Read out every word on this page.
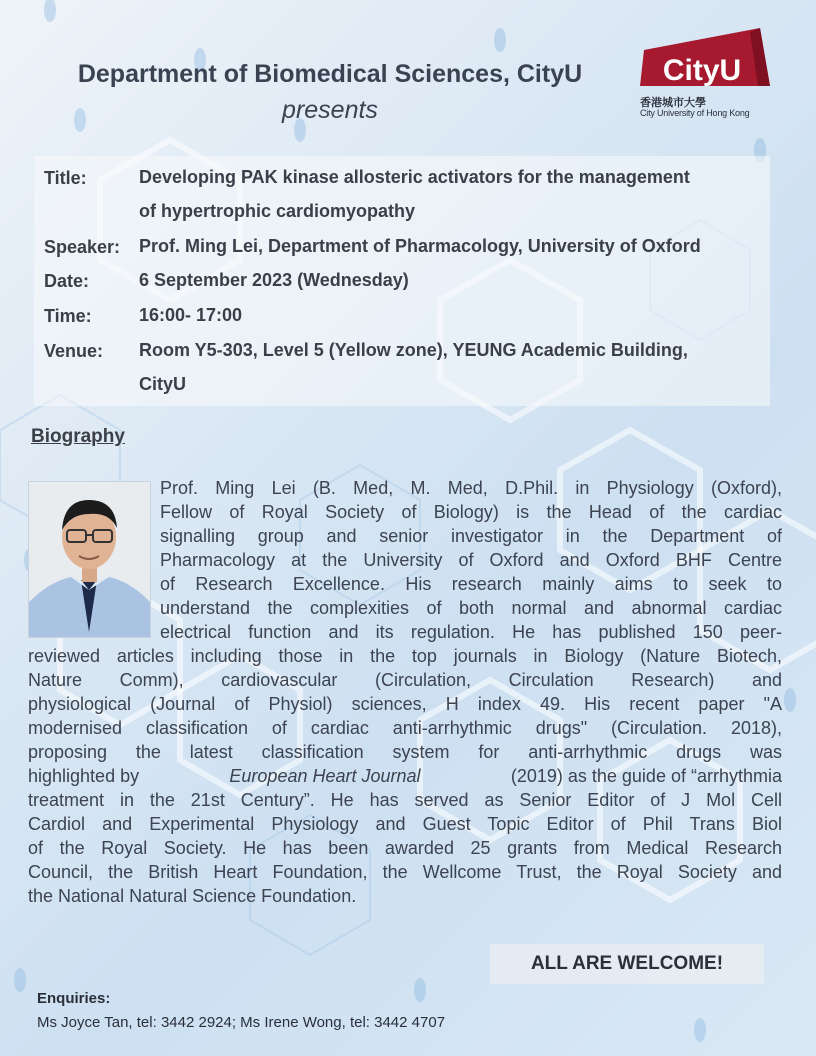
Department of Biomedical Sciences, CityU
presents
CityU
香港城市大學
City University of Hong Kong
Title:	Developing PAK kinase allosteric activators for the management
of hypertrophic cardiomyopathy
Speaker: Prof. Ming Lei, Department of Pharmacology, University of Oxford
Date:	6 September 2023 (Wednesday)
Time:	16:00- 17:00
Venue: Room Y5-303, Level 5 (Yellow zone), YEUNG Academic Building,
CityU
Biography
Prof. Ming Lei (B. Med, M. Med, D.Phil. in Physiology (Oxford),
Fellow of Royal Society of Biology) is the Head of the cardiac
signalling group and senior investigator in the Department of
Pharmacology at the University of Oxford and Oxford BHF Centre
of Research Excellence. His research mainly aims to seek to
understand the complexities of both normal and abnormal cardiac
electrical function and its regulation. He has published 150 peer-
reviewed articles including those in the top journals in Biology (Nature Biotech,
Nature Comm), cardiovascular (Circulation, Circulation Research) and
physiological (Journal of Physiol) sciences, H index 49. His recent paper "A
modernised classification of cardiac anti-arrhythmic drugs" (Circulation. 2018),
proposing the latest classification system for anti-arrhythmic drugs was
highlighted by	European Heart Journal	(2019) as the guide of “arrhythmia
treatment in the 21st Century”. He has served as Senior Editor of J Mol Cell
Cardiol and Experimental Physiology and Guest Topic Editor of Phil Trans Biol
of the Royal Society. He has been awarded 25 grants from Medical Research
Council, the British Heart Foundation, the Wellcome Trust, the Royal Society and
the National Natural Science Foundation.
ALL ARE WELCOME!
Enquiries:
Ms Joyce Tan, tel: 3442 2924; Ms Irene Wong, tel: 3442 4707
